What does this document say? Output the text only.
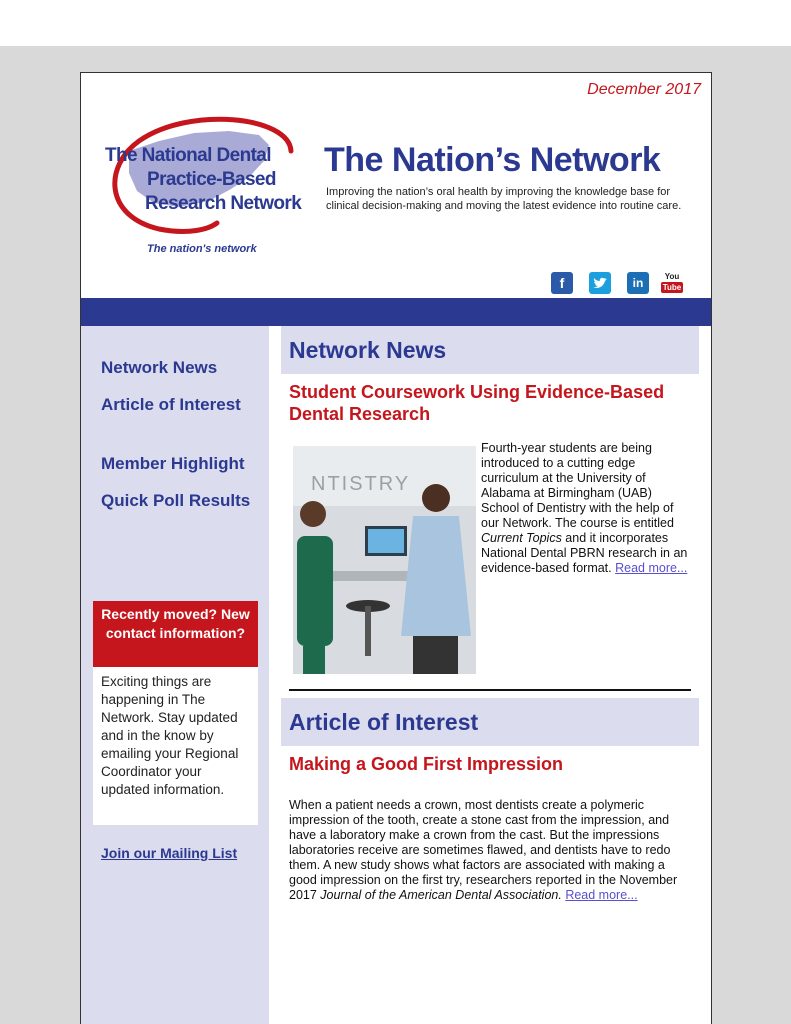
December 2017
The National Dental
Practice-Based
Research Network
The nation's network
The Nation’s Network
Improving the nation’s oral health by improving the knowledge base for clinical decision-making and moving the latest evidence into routine care.
f	in	You
Tube
Network News
Article of Interest
Member Highlight
Quick Poll Results
Recently moved? New contact information?
Exciting things are happening in The Network. Stay updated and in the know by emailing your Regional Coordinator your updated information.
Join our Mailing List
Network News
Student Coursework Using Evidence-Based Dental Research
NTISTRY
Fourth-year students are being introduced to a cutting edge curriculum at the University of Alabama at Birmingham (UAB) School of Dentistry with the help of our Network. The course is entitled Current Topics and it incorporates National Dental PBRN research in an evidence-based format. Read more...
Article of Interest
Making a Good First Impression
When a patient needs a crown, most dentists create a polymeric impression of the tooth, create a stone cast from the impression, and have a laboratory make a crown from the cast. But the impressions laboratories receive are sometimes flawed, and dentists have to redo them. A new study shows what factors are associated with making a good impression on the first try, researchers reported in the November 2017 Journal of the American Dental Association. Read more...
